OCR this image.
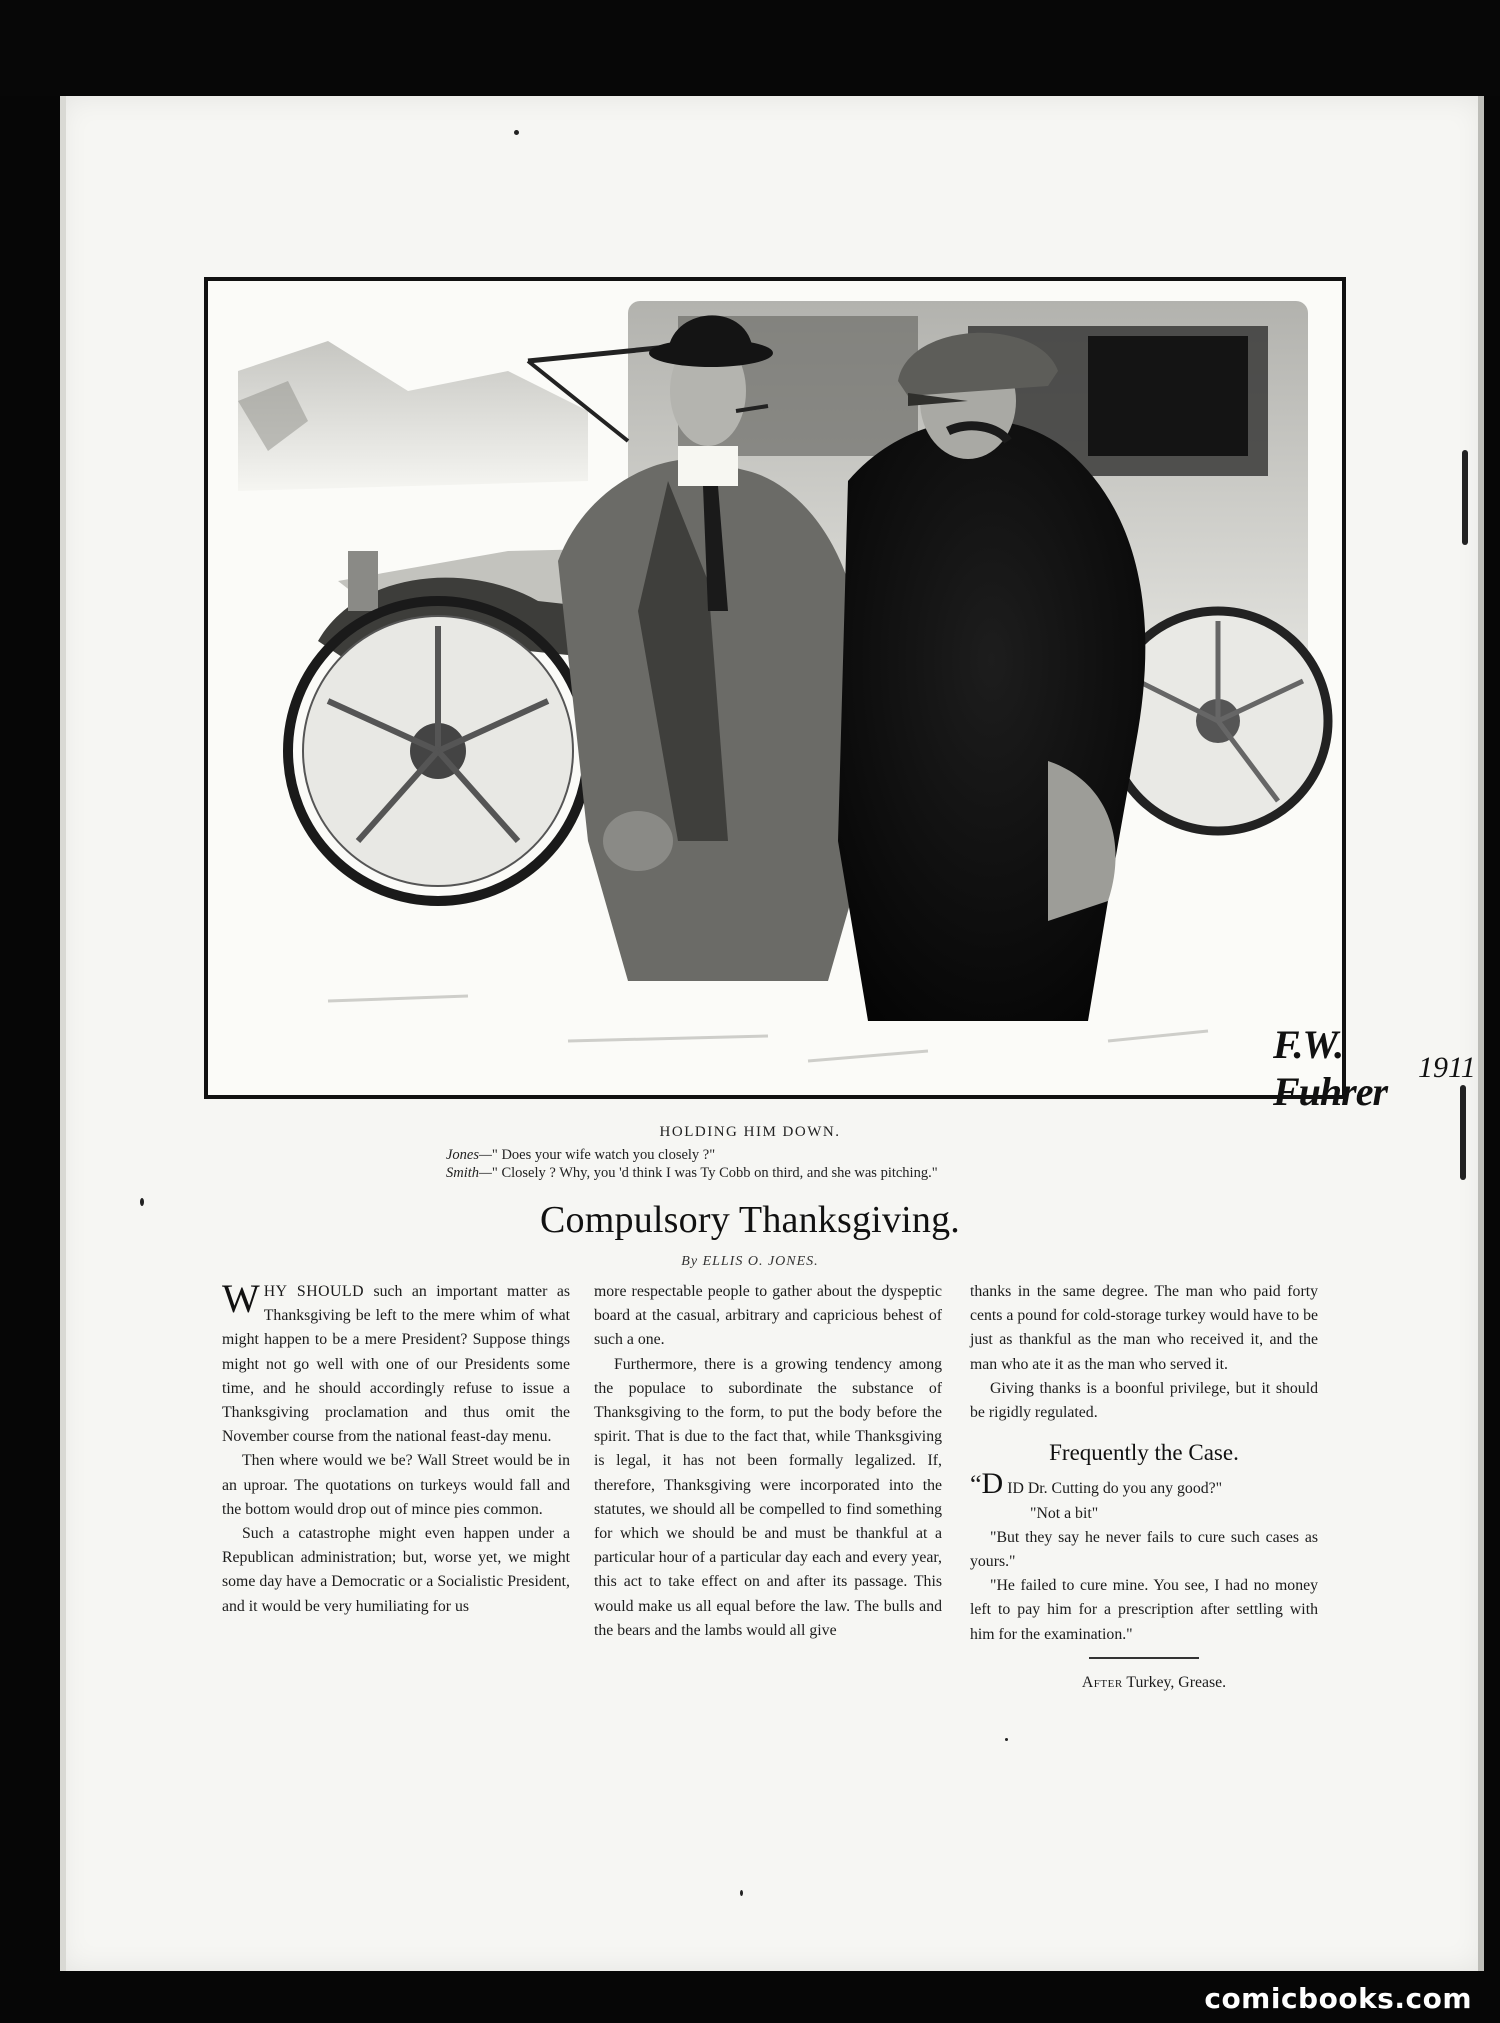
F.W. Fuhrer
1911
HOLDING HIM DOWN.
Jones—" Does your wife watch you closely ?"
Smith—" Closely ? Why, you 'd think I was Ty Cobb on third, and she was pitching."
Compulsory Thanksgiving.
By ELLIS O. JONES.

WHY SHOULD such an important matter as Thanksgiving be left to the mere whim of what might happen to be a mere President? Suppose things might not go well with one of our Presidents some time, and he should accordingly refuse to issue a Thanksgiving proclamation and thus omit the November course from the national feast-day menu.

Then where would we be? Wall Street would be in an uproar. The quotations on turkeys would fall and the bottom would drop out of mince pies common.

Such a catastrophe might even happen under a Republican administration; but, worse yet, we might some day have a Democratic or a Socialistic President, and it would be very humiliating for us

more respectable people to gather about the dyspeptic board at the casual, arbitrary and capricious behest of such a one.

Furthermore, there is a growing tendency among the populace to subordinate the substance of Thanksgiving to the form, to put the body before the spirit. That is due to the fact that, while Thanksgiving is legal, it has not been formally legalized. If, therefore, Thanksgiving were incorporated into the statutes, we should all be compelled to find something for which we should be and must be thankful at a particular hour of a particular day each and every year, this act to take effect on and after its passage. This would make us all equal before the law. The bulls and the bears and the lambs would all give

thanks in the same degree. The man who paid forty cents a pound for cold-storage turkey would have to be just as thankful as the man who received it, and the man who ate it as the man who served it.

Giving thanks is a boonful privilege, but it should be rigidly regulated.

Frequently the Case.

“D ID Dr. Cutting do you any good?"

"Not a bit"

"But they say he never fails to cure such cases as yours."

"He failed to cure mine. You see, I had no money left to pay him for a prescription after settling with him for the examination."

After Turkey, Grease.

comicbooks.com
